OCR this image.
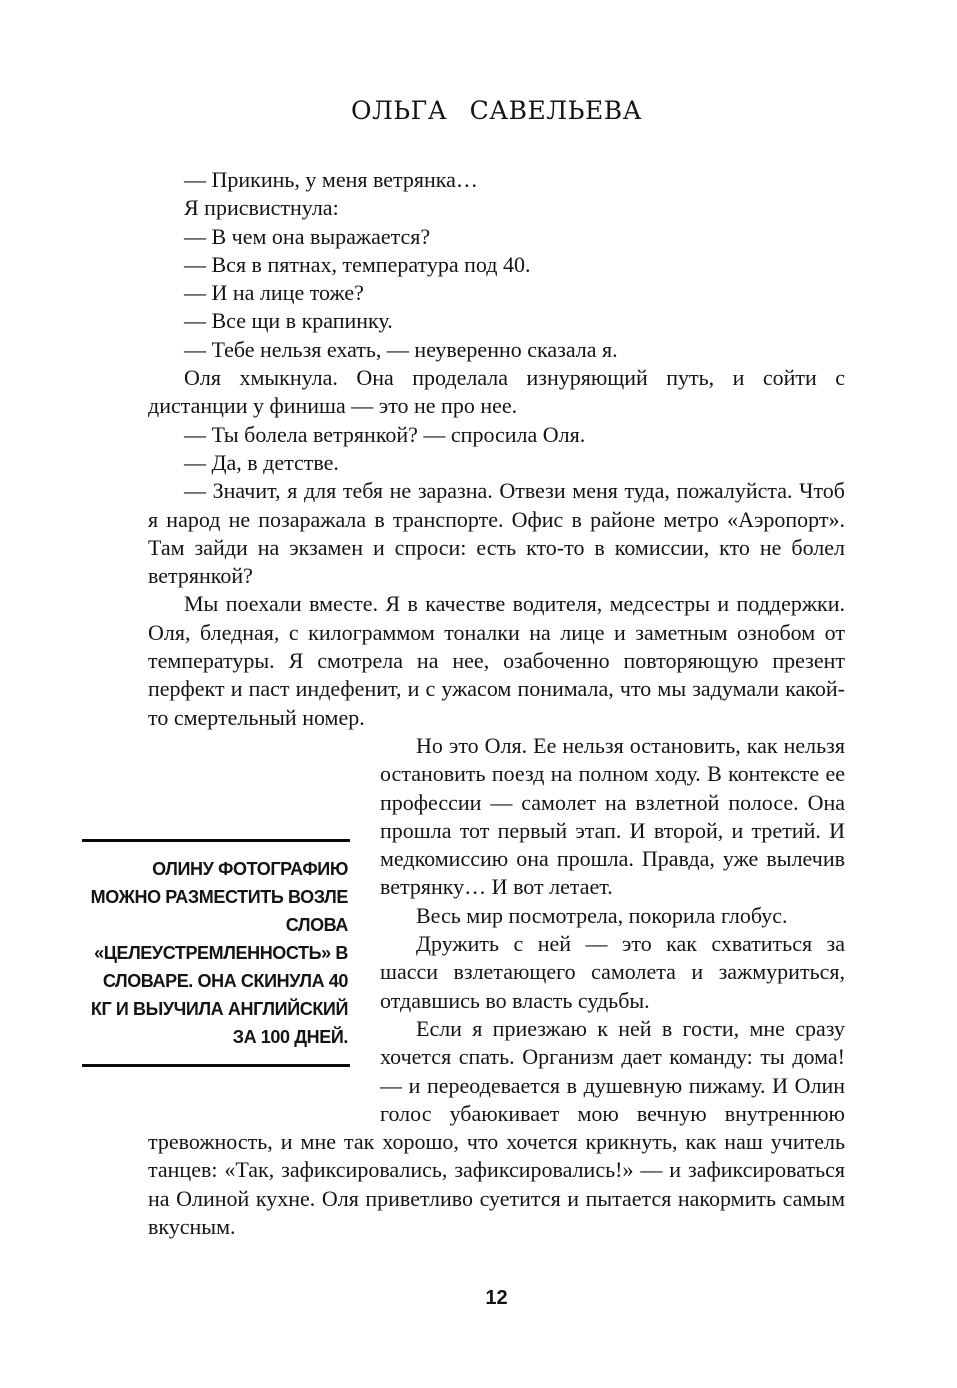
ОЛЬГА САВЕЛЬЕВА

— Прикинь, у меня ветрянка…

Я присвистнула:

— В чем она выражается?

— Вся в пятнах, температура под 40.

— И на лице тоже?

— Все щи в крапинку.

— Тебе нельзя ехать, — неуверенно сказала я.

Оля хмыкнула. Она проделала изнуряющий путь, и сойти с дистанции у финиша — это не про нее.

— Ты болела ветрянкой? — спросила Оля.

— Да, в детстве.

— Значит, я для тебя не заразна. Отвези меня туда, пожалуйста. Чтоб я народ не позаражала в транспорте. Офис в районе метро «Аэропорт». Там зайди на экзамен и спроси: есть кто-то в комиссии, кто не болел ветрянкой?

Мы поехали вместе. Я в качестве водителя, медсестры и поддержки. Оля, бледная, с килограммом тоналки на лице и заметным ознобом от температуры. Я смотрела на нее, озабоченно повторяющую презент перфект и паст индефенит, и с ужасом понимала, что мы задумали какой-то смертельный номер.

ОЛИНУ ФОТОГРАФИЮ МОЖНО РАЗМЕСТИТЬ ВОЗЛЕ СЛОВА «ЦЕЛЕУСТРЕМЛЕННОСТЬ» В СЛОВАРЕ. ОНА СКИНУЛА 40 КГ И ВЫУЧИЛА АНГЛИЙСКИЙ ЗА 100 ДНЕЙ.

Но это Оля. Ее нельзя остановить, как нельзя остановить поезд на полном ходу. В контексте ее профессии — самолет на взлетной полосе. Она прошла тот первый этап. И второй, и третий. И медкомиссию она прошла. Правда, уже вылечив ветрянку… И вот летает.

Весь мир посмотрела, покорила глобус.

Дружить с ней — это как схватиться за шасси взлетающего самолета и зажмуриться, отдавшись во власть судьбы.

Если я приезжаю к ней в гости, мне сразу хочется спать. Организм дает команду: ты дома! — и переодевается в душевную пижаму. И Олин голос убаюкивает мою вечную внутреннюю тревожность, и мне так хорошо, что хочется крикнуть, как наш учитель танцев: «Так, зафиксировались, зафиксировались!» — и зафиксироваться на Олиной кухне. Оля приветливо суетится и пытается накормить самым вкусным.

12
